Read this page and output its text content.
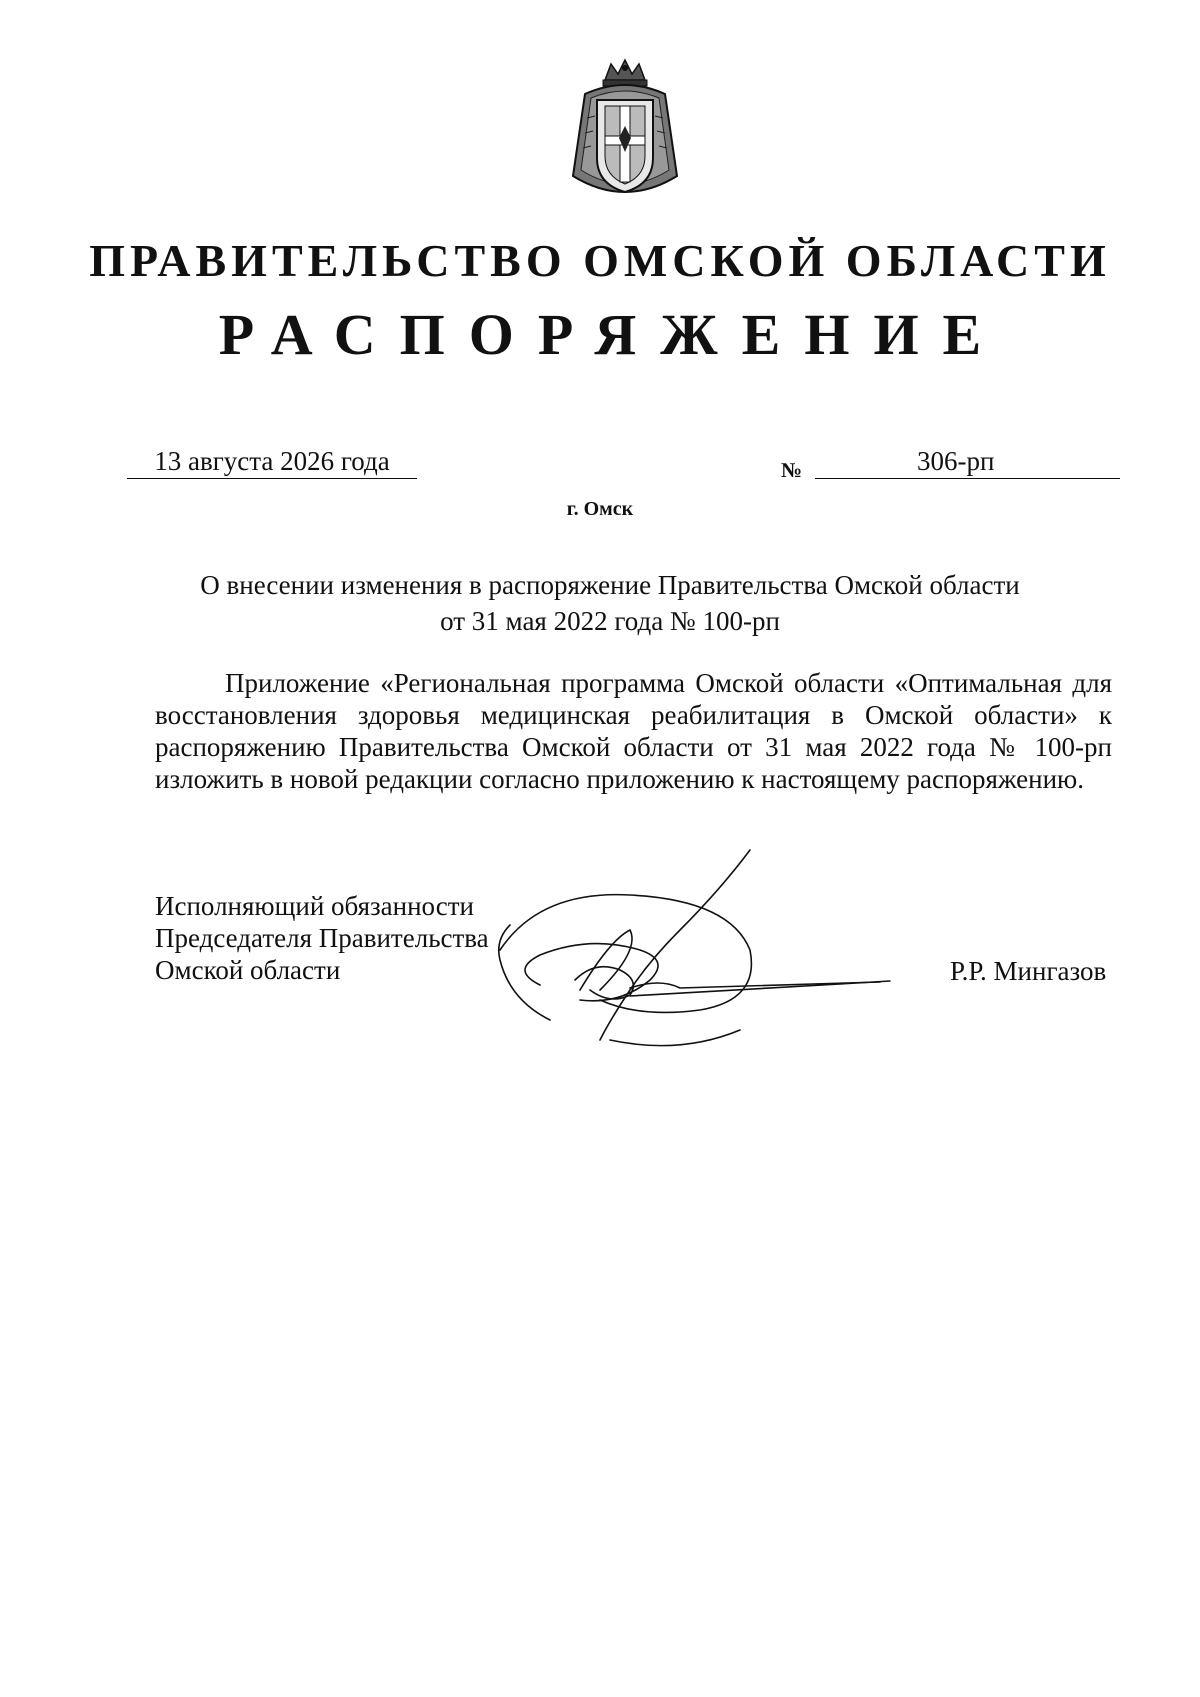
ПРАВИТЕЛЬСТВО ОМСКОЙ ОБЛАСТИ
РАСПОРЯЖЕНИЕ
13 августа 2026 года	№	306-рп
г. Омск
О внесении изменения в распоряжение Правительства Омской области
от 31 мая 2022 года № 100-рп
Приложение «Региональная программа Омской области «Оптимальная для восстановления здоровья медицинская реабилитация в Омской области» к распоряжению Правительства Омской области от 31 мая 2022 года № 100-рп изложить в новой редакции согласно приложению к настоящему распоряжению.
Исполняющий обязанности
Председателя Правительства
Омской области	Р.Р. Мингазов
